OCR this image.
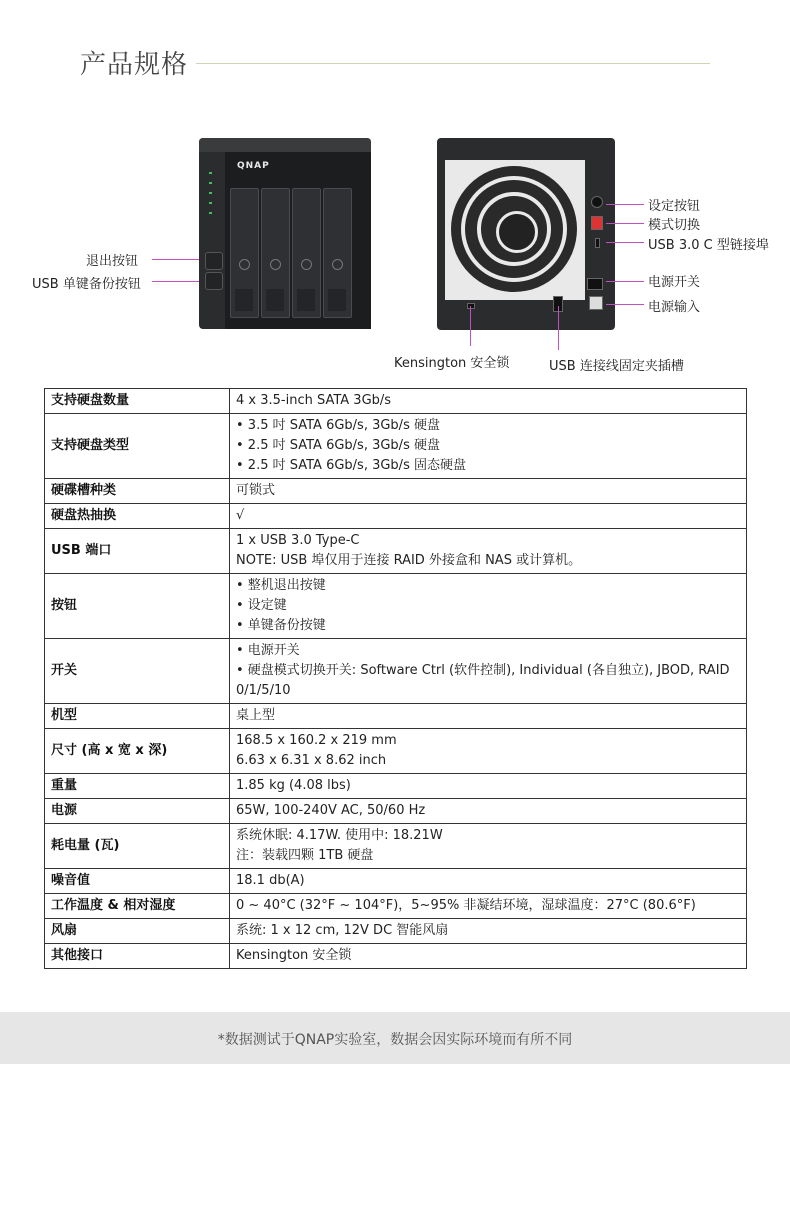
产品规格
QNAP
退出按钮
USB 单键备份按钮
设定按钮
模式切换
USB 3.0 C 型链接埠
电源开关
电源输入
Kensington 安全锁	USB 连接线固定夹插槽
支持硬盘数量	4 x 3.5-inch SATA 3Gb/s

支持硬盘类型	• 3.5 吋 SATA 6Gb/s, 3Gb/s 硬盘
• 2.5 吋 SATA 6Gb/s, 3Gb/s 硬盘
• 2.5 吋 SATA 6Gb/s, 3Gb/s 固态硬盘

硬碟槽种类	可锁式

硬盘热抽换	√

USB 端口	1 x USB 3.0 Type-C
NOTE: USB 埠仅用于连接 RAID 外接盒和 NAS 或计算机。

按钮	• 整机退出按键
• 设定键
• 单键备份按键

开关	• 电源开关
• 硬盘模式切换开关: Software Ctrl (软件控制), Individual (各自独立), JBOD, RAID 0/1/5/10

机型	桌上型

尺寸 (高 x 宽 x 深)	168.5 x 160.2 x 219 mm
6.63 x 6.31 x 8.62 inch

重量	1.85 kg (4.08 lbs)

电源	65W, 100-240V AC, 50/60 Hz

耗电量 (瓦)	系统休眠: 4.17W. 使用中: 18.21W
注：装载四颗 1TB 硬盘

噪音值	18.1 db(A)

工作温度 & 相对湿度	0 ~ 40°C (32°F ~ 104°F)，5~95% 非凝结环境，湿球温度：27°C (80.6°F)

风扇	系统: 1 x 12 cm, 12V DC 智能风扇

其他接口	Kensington 安全锁
*数据测试于QNAP实验室，数据会因实际环境而有所不同
